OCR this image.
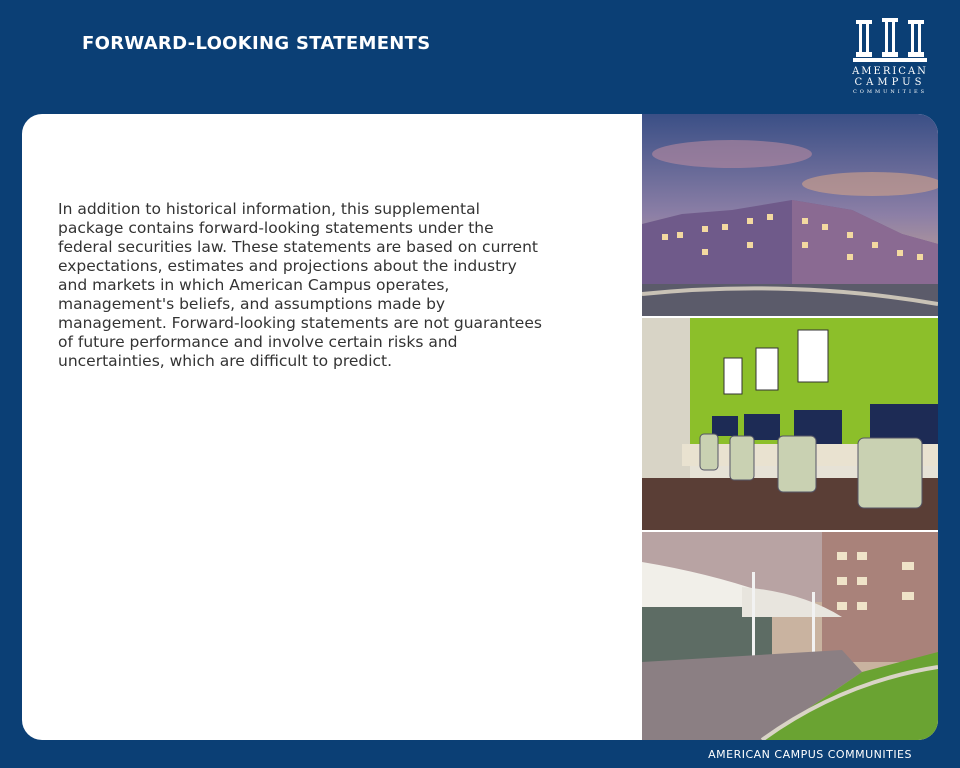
FORWARD-LOOKING STATEMENTS
AMERICAN
CAMPUS
COMMUNITIES
In addition to historical information, this supplemental package contains forward-looking statements under the federal securities law. These statements are based on current expectations, estimates and projections about the industry and markets in which American Campus operates, management's beliefs, and assumptions made by management. Forward-looking statements are not guarantees of future performance and involve certain risks and uncertainties, which are difficult to predict.
AMERICAN CAMPUS COMMUNITIES
